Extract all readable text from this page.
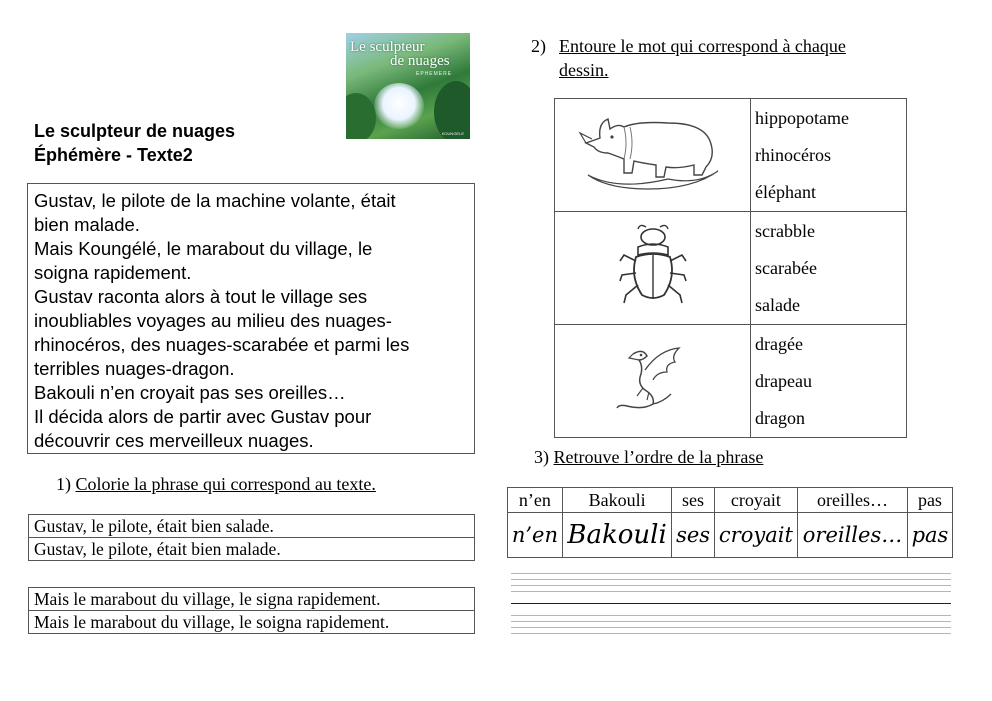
Le sculpteur
de nuages
EPHEMERE
KOUNGELE
Le sculpteur de nuages
Éphémère - Texte2
Gustav, le pilote de la machine volante, était
bien malade.
Mais Koungélé, le marabout du village, le
soigna rapidement.
Gustav raconta alors à tout le village ses
inoubliables voyages au milieu des nuages-
rhinocéros, des nuages-scarabée et parmi les
terribles nuages-dragon.
Bakouli n’en croyait pas ses oreilles…
Il décida alors de partir avec Gustav pour
découvrir ces merveilleux nuages.
1) Colorie la phrase qui correspond au texte.
Gustav, le pilote, était bien salade.
Gustav, le pilote, était bien malade.
Mais le marabout du village, le signa rapidement.
Mais le marabout du village, le soigna rapidement.
2) Entoure le mot qui correspond à chaque
dessin.

hippopotame
rhinocéros
éléphant

scrabble
scarabée
salade

dragée
drapeau
dragon
3) Retrouve l’ordre de la phrase
n’en	Bakouli	ses	croyait	oreilles…	pas
n’en	Bakouli	ses	croyait	oreilles…	pas
